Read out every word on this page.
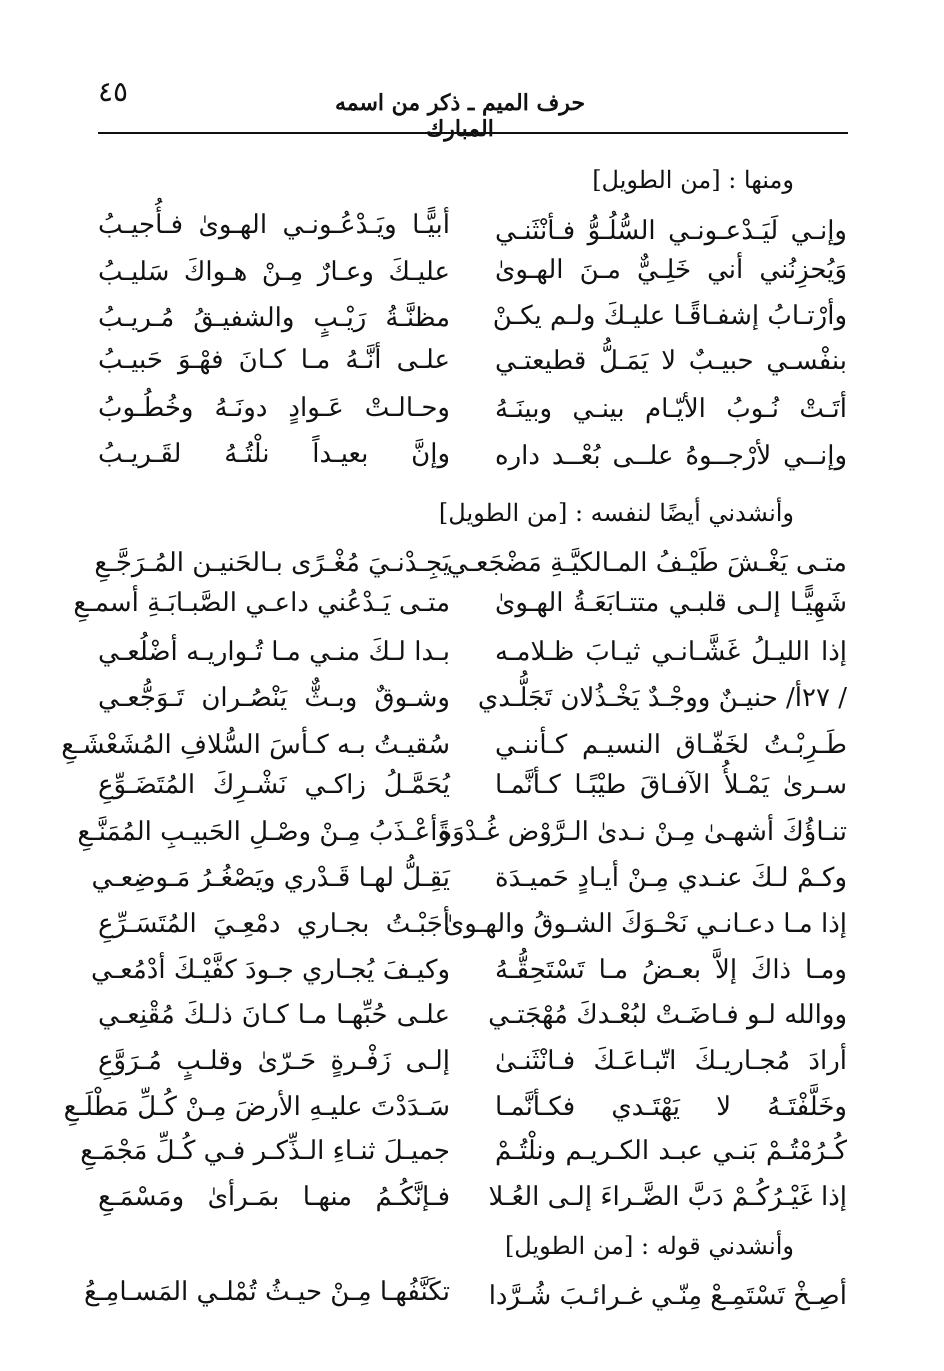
٤٥	حرف الميم ـ ذكر من اسمه المبارك
ومنها : [من الطويل]
وإنـي لَيَـدْعـونـي السُّلُـوُّ فـأنْثَنـي
وَيُحزِنُني أني خَلِـيٌّ مـنَ الهـوىٰ
وأرْتـابُ إشفـاقًـا عليـكَ ولـم يكـنْ
بنفْسـي حبيـبٌ لا يَمَـلُّ قطيعتـي
أتَـتْ نُـوبُ الأيّـام بينـي وبينَـهُ
وإنــي لأرْجــوهُ علــى بُعْــد داره
أبيًّـا ويَـدْعُـونـي الهـوىٰ فـأُجيـبُ
عليـكَ وعـارٌ مِـنْ هـواكَ سَليـبُ
مظنَّـةُ رَيْـبٍ والشفيـقُ مُـريـبُ
علـى أنَّـهُ مـا كـانَ فهْـوَ حَبيـبُ
وحـالـتْ عَـوادٍ دونَـهُ وخُطُـوبُ
وإنَّ بعيـداً نلْتُـهُ لقَـريـبُ
وأنشدني أيضًا لنفسه : [من الطويل]
متـى يَغْـشَ طَيْـفُ المـالكيَّـةِ مَضْجَعـي
شَهِيًّـا إلـى قلبـي متتـابَعَـةُ الهـوىٰ
إذا الليـلُ غَشَّـانـي ثيـابَ ظـلامـه
/ ٢٧أ/ حنيـنٌ ووجْـدٌ يَخْـذُلان تَجَلُّـدي
طَـرِبْـتُ لخَفّـاق النسيـم كـأننـي
سـرىٰ يَمْـلأُ الآفـاقَ طيْبًـا كـأنَّمـا
تنـاؤُكَ أشهـىٰ مِـنْ نـدىٰ الـرَّوْض غُـدْوَةً
وكـمْ لـكَ عنـدي مِـنْ أيـادٍ حَميـدَة
إذا مـا دعـانـي نَحْـوَكَ الشـوقُ والهـوىٰ
ومـا ذاكَ إلاَّ بعـضُ مـا تَسْتَحِقُّـهُ
ووالله لـو فـاضَـتْ لبُعْـدكَ مُهْجَتـي
أرادَ مُجـاريـكَ اتّبـاعَـكَ فـانْثَنـىٰ
وخَلَّفْتَـهُ لا يَهْتَـدي فكـأنَّمـا
كُـرُمْتُـمْ بَنـي عبـد الكـريـم ونلْتُـمْ
إذا غَيْـرُكُـمْ دَبَّ الضَّـراءَ إلـى العُـلا
يَجِـدْنـيَ مُغْـرًى بـالحَنيـن المُـرَجَّـعِ
متـى يَـدْعُني داعـي الصَّبـابَـةِ أسمـعِ
بـدا لـكَ منـي مـا تُـواريـه أضْلُعـي
وشـوقٌ وبـثٌّ يَنْصُـران تَـوَجُّعـي
سُقيـتُ بـه كـأسَ السُّلافِ المُشَعْشَـعِ
يُحَمَّـلُ زاكـي نَشْـرِكَ المُتَضَـوِّعِ
وأعْـذَبُ مِـنْ وصْـلِ الحَبيـبِ المُمَنَّـعِ
يَقِـلُّ لهـا قَـدْري ويَصْغُـرُ مَـوضِعـي
أجَبْـتُ بجـاري دمْعِـيَ المُتَسَـرِّعِ
وكيـفَ يُجـاري جـودَ كفَّيْـكَ أدْمُعـي
علـى حُبِّهـا مـا كـانَ ذلـكَ مُقْنِعـي
إلـى زَفْـرةٍ حَـرّىٰ وقلـبٍ مُـرَوَّعِ
سَـدَدْتَ عليـهِ الأرضَ مِـنْ كُـلِّ مَطْلَـعِ
جميـلَ ثنـاءِ الـذِّكـر فـي كُـلِّ مَجْمَـعِ
فـإنَّكُـمُ منهـا بمَـرأىٰ ومَسْمَـعِ
وأنشدني قوله : [من الطويل]
أصِـخْ تَسْتَمِـعْ مِنّـي غـرائـبَ شُـرَّدا
تكَنَّفُهـا مِـنْ حيـثُ تُمْلـي المَسـامِـعُ
